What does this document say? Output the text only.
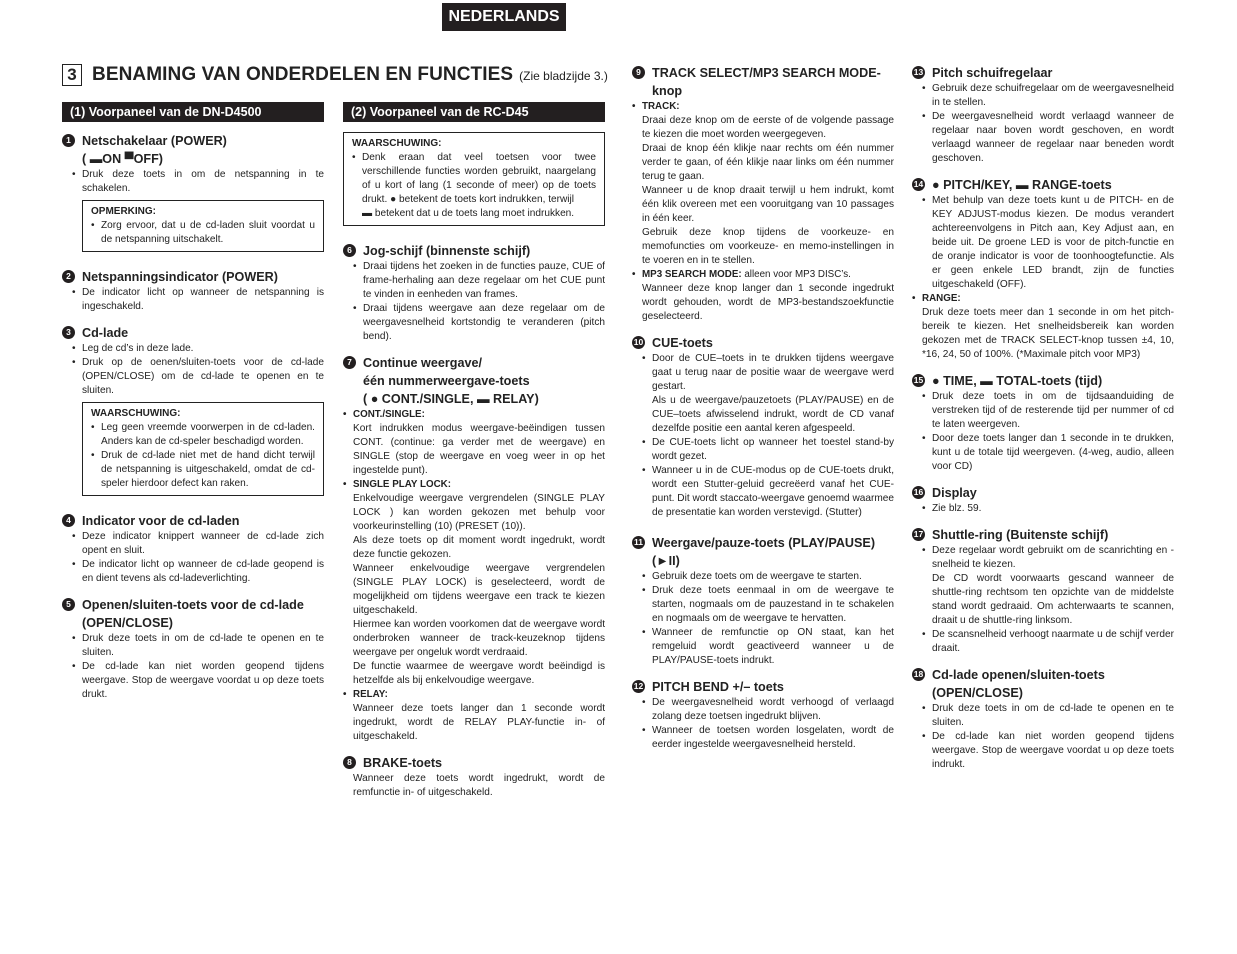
NEDERLANDS
3 BENAMING VAN ONDERDELEN EN FUNCTIES (Zie bladzijde 3.)
(1) Voorpaneel van de DN-D4500
1 Netschakelaar (POWER)
( ▬ON ▀OFF)
• Druk deze toets in om de netspanning in te schakelen.
OPMERKING:
• Zorg ervoor, dat u de cd-laden sluit voordat u de netspanning uitschakelt.
2 Netspanningsindicator (POWER)
• De indicator licht op wanneer de netspanning is ingeschakeld.
3 Cd-lade
• Leg de cd’s in deze lade.
• Druk op de oenen/sluiten-toets voor de cd-lade (OPEN/CLOSE) om de cd-lade te openen en te sluiten.
WAARSCHUWING:
• Leg geen vreemde voorwerpen in de cd-laden. Anders kan de cd-speler beschadigd worden.
• Druk de cd-lade niet met de hand dicht terwijl de netspanning is uitgeschakeld, omdat de cd-speler hierdoor defect kan raken.
4 Indicator voor de cd-laden
• Deze indicator knippert wanneer de cd-lade zich opent en sluit.
• De indicator licht op wanneer de cd-lade geopend is en dient tevens als cd-ladeverlichting.
5 Openen/sluiten-toets voor de cd-lade
(OPEN/CLOSE)
• Druk deze toets in om de cd-lade te openen en te sluiten.
• De cd-lade kan niet worden geopend tijdens weergave. Stop de weergave voordat u op deze toets drukt.
(2) Voorpaneel van de RC-D45
WAARSCHUWING:
• Denk eraan dat veel toetsen voor twee verschillende functies worden gebruikt, naargelang of u kort of lang (1 seconde of meer) op de toets drukt. ● betekent de toets kort indrukken, terwijl
▬ betekent dat u de toets lang moet indrukken.
6 Jog-schijf (binnenste schijf)
• Draai tijdens het zoeken in de functies pauze, CUE of frame-herhaling aan deze regelaar om het CUE punt te vinden in eenheden van frames.
• Draai tijdens weergave aan deze regelaar om de weergavesnelheid kortstondig te veranderen (pitch bend).
7 Continue weergave/
één nummerweergave-toets
( ● CONT./SINGLE, ▬ RELAY)
• CONT./SINGLE:
Kort indrukken modus weergave-beëindigen tussen CONT. (continue: ga verder met de weergave) en SINGLE (stop de weergave en voeg weer in op het ingestelde punt).
• SINGLE PLAY LOCK:
Enkelvoudige weergave vergrendelen (SINGLE PLAY LOCK ) kan worden gekozen met behulp voor voorkeurinstelling (10) (PRESET (10)).
Als deze toets op dit moment wordt ingedrukt, wordt deze functie gekozen.
Wanneer enkelvoudige weergave vergrendelen (SINGLE PLAY LOCK) is geselecteerd, wordt de mogelijkheid om tijdens weergave een track te kiezen uitgeschakeld.
Hiermee kan worden voorkomen dat de weergave wordt onderbroken wanneer de track-keuzeknop tijdens weergave per ongeluk wordt verdraaid.
De functie waarmee de weergave wordt beëindigd is hetzelfde als bij enkelvoudige weergave.
• RELAY:
Wanneer deze toets langer dan 1 seconde wordt ingedrukt, wordt de RELAY PLAY-functie in- of uitgeschakeld.
8 BRAKE-toets
Wanneer deze toets wordt ingedrukt, wordt de remfunctie in- of uitgeschakeld.
9 TRACK SELECT/MP3 SEARCH MODE-knop
• TRACK:
Draai deze knop om de eerste of de volgende passage te kiezen die moet worden weergegeven.
Draai de knop één klikje naar rechts om één nummer verder te gaan, of één klikje naar links om één nummer terug te gaan.
Wanneer u de knop draait terwijl u hem indrukt, komt één klik overeen met een vooruitgang van 10 passages in één keer.
Gebruik deze knop tijdens de voorkeuze- en memofuncties om voorkeuze- en memo-instellingen in te voeren en in te stellen.
• MP3 SEARCH MODE: alleen voor MP3 DISC’s.
Wanneer deze knop langer dan 1 seconde ingedrukt wordt gehouden, wordt de MP3-bestandszoekfunctie geselecteerd.
10 CUE-toets
• Door de CUE–toets in te drukken tijdens weergave gaat u terug naar de positie waar de weergave werd gestart.
Als u de weergave/pauzetoets (PLAY/PAUSE) en de CUE–toets afwisselend indrukt, wordt de CD vanaf dezelfde positie een aantal keren afgespeeld.
• De CUE-toets licht op wanneer het toestel stand-by wordt gezet.
• Wanneer u in de CUE-modus op de CUE-toets drukt, wordt een Stutter-geluid gecreëerd vanaf het CUE-punt. Dit wordt staccato-weergave genoemd waarmee de presentatie kan worden verstevigd. (Stutter)
11 Weergave/pauze-toets (PLAY/PAUSE)
(►II)
• Gebruik deze toets om de weergave te starten.
• Druk deze toets eenmaal in om de weergave te starten, nogmaals om de pauzestand in te schakelen en nogmaals om de weergave te hervatten.
• Wanneer de remfunctie op ON staat, kan het remgeluid wordt geactiveerd wanneer u de PLAY/PAUSE-toets indrukt.
12 PITCH BEND +/– toets
• De weergavesnelheid wordt verhoogd of verlaagd zolang deze toetsen ingedrukt blijven.
• Wanneer de toetsen worden losgelaten, wordt de eerder ingestelde weergavesnelheid hersteld.
13 Pitch schuifregelaar
• Gebruik deze schuifregelaar om de weergavesnelheid in te stellen.
• De weergavesnelheid wordt verlaagd wanneer de regelaar naar boven wordt geschoven, en wordt verlaagd wanneer de regelaar naar beneden wordt geschoven.
14 ● PITCH/KEY, ▬ RANGE-toets
• Met behulp van deze toets kunt u de PITCH- en de KEY ADJUST-modus kiezen. De modus verandert achtereenvolgens in Pitch aan, Key Adjust aan, en beide uit. De groene LED is voor de pitch-functie en de oranje indicator is voor de toonhoogtefunctie. Als er geen enkele LED brandt, zijn de functies uitgeschakeld (OFF).
• RANGE:
Druk deze toets meer dan 1 seconde in om het pitch-bereik te kiezen. Het snelheidsbereik kan worden gekozen met de TRACK SELECT-knop tussen ±4, 10, *16, 24, 50 of 100%. (*Maximale pitch voor MP3)
15 ● TIME, ▬ TOTAL-toets (tijd)
• Druk deze toets in om de tijdsaanduiding de verstreken tijd of de resterende tijd per nummer of cd te laten weergeven.
• Door deze toets langer dan 1 seconde in te drukken, kunt u de totale tijd weergeven. (4-weg, audio, alleen voor CD)
16 Display
• Zie blz. 59.
17 Shuttle-ring (Buitenste schijf)
• Deze regelaar wordt gebruikt om de scanrichting en -snelheid te kiezen.
De CD wordt voorwaarts gescand wanneer de shuttle-ring rechtsom ten opzichte van de middelste stand wordt gedraaid. Om achterwaarts te scannen, draait u de shuttle-ring linksom.
• De scansnelheid verhoogt naarmate u de schijf verder draait.
18 Cd-lade openen/sluiten-toets
(OPEN/CLOSE)
• Druk deze toets in om de cd-lade te openen en te sluiten.
• De cd-lade kan niet worden geopend tijdens weergave. Stop de weergave voordat u op deze toets indrukt.
